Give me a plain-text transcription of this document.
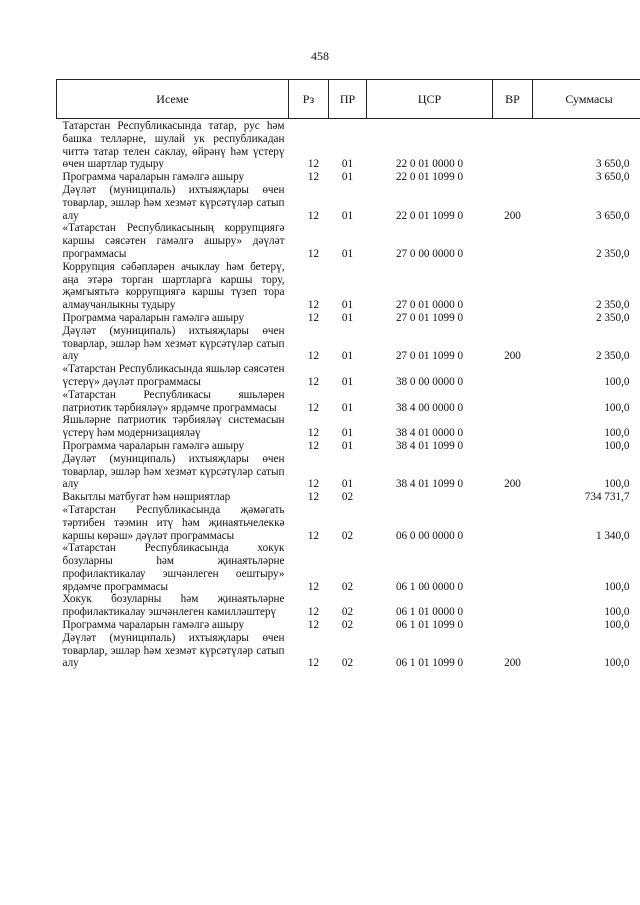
458
Исеме	Рз	ПР	ЦСР	ВР	Суммасы
Татарстан Республикасында татар, рус һәм башка телләрне, шулай ук республикадан читтә татар телен саклау, өйрәнү һәм үстерү өчен шартлар тудыру	12	01	22 0 01 0000 0		3 650,0
Программа чараларын гамәлгә ашыру	12	01	22 0 01 1099 0		3 650,0
Дәүләт (муниципаль) ихтыяҗлары өчен товарлар, эшләр һәм хезмәт күрсәтүләр сатып алу	12	01	22 0 01 1099 0	200	3 650,0
«Татарстан Республикасының коррупциягә каршы сәясәтен гамәлгә ашыру» дәүләт программасы	12	01	27 0 00 0000 0		2 350,0
Коррупция сәбәпләрен ачыклау һәм бетерү, аңа этәрә торган шартларга каршы тору, җәмгыятьтә коррупциягә каршы түзеп тора алмаучанлыкны тудыру	12	01	27 0 01 0000 0		2 350,0
Программа чараларын гамәлгә ашыру	12	01	27 0 01 1099 0		2 350,0
Дәүләт (муниципаль) ихтыяҗлары өчен товарлар, эшләр һәм хезмәт күрсәтүләр сатып алу	12	01	27 0 01 1099 0	200	2 350,0
«Татарстан Республикасында яшьләр сәясәтен үстерү» дәүләт программасы	12	01	38 0 00 0000 0		100,0
«Татарстан Республикасы яшьләрен патриотик тәрбияләү» ярдәмче программасы	12	01	38 4 00 0000 0		100,0
Яшьләрне патриотик тәрбияләү системасын үстерү һәм модернизацияләү	12	01	38 4 01 0000 0		100,0
Программа чараларын гамәлгә ашыру	12	01	38 4 01 1099 0		100,0
Дәүләт (муниципаль) ихтыяҗлары өчен товарлар, эшләр һәм хезмәт күрсәтүләр сатып алу	12	01	38 4 01 1099 0	200	100,0
Вакытлы матбугат һәм нәшриятлар	12	02			734 731,7
«Татарстан Республикасында җәмәгать тәртибен тәэмин итү һәм җинаятьчелеккә каршы көрәш» дәүләт программасы	12	02	06 0 00 0000 0		1 340,0
«Татарстан Республикасында хокук бозуларны һәм җинаятьләрне профилактикалау эшчәнлеген оештыру» ярдәмче программасы	12	02	06 1 00 0000 0		100,0
Хокук бозуларны һәм җинаятьләрне профилактикалау эшчәнлеген камилләштерү	12	02	06 1 01 0000 0		100,0
Программа чараларын гамәлгә ашыру	12	02	06 1 01 1099 0		100,0
Дәүләт (муниципаль) ихтыяҗлары өчен товарлар, эшләр һәм хезмәт күрсәтүләр сатып алу	12	02	06 1 01 1099 0	200	100,0
